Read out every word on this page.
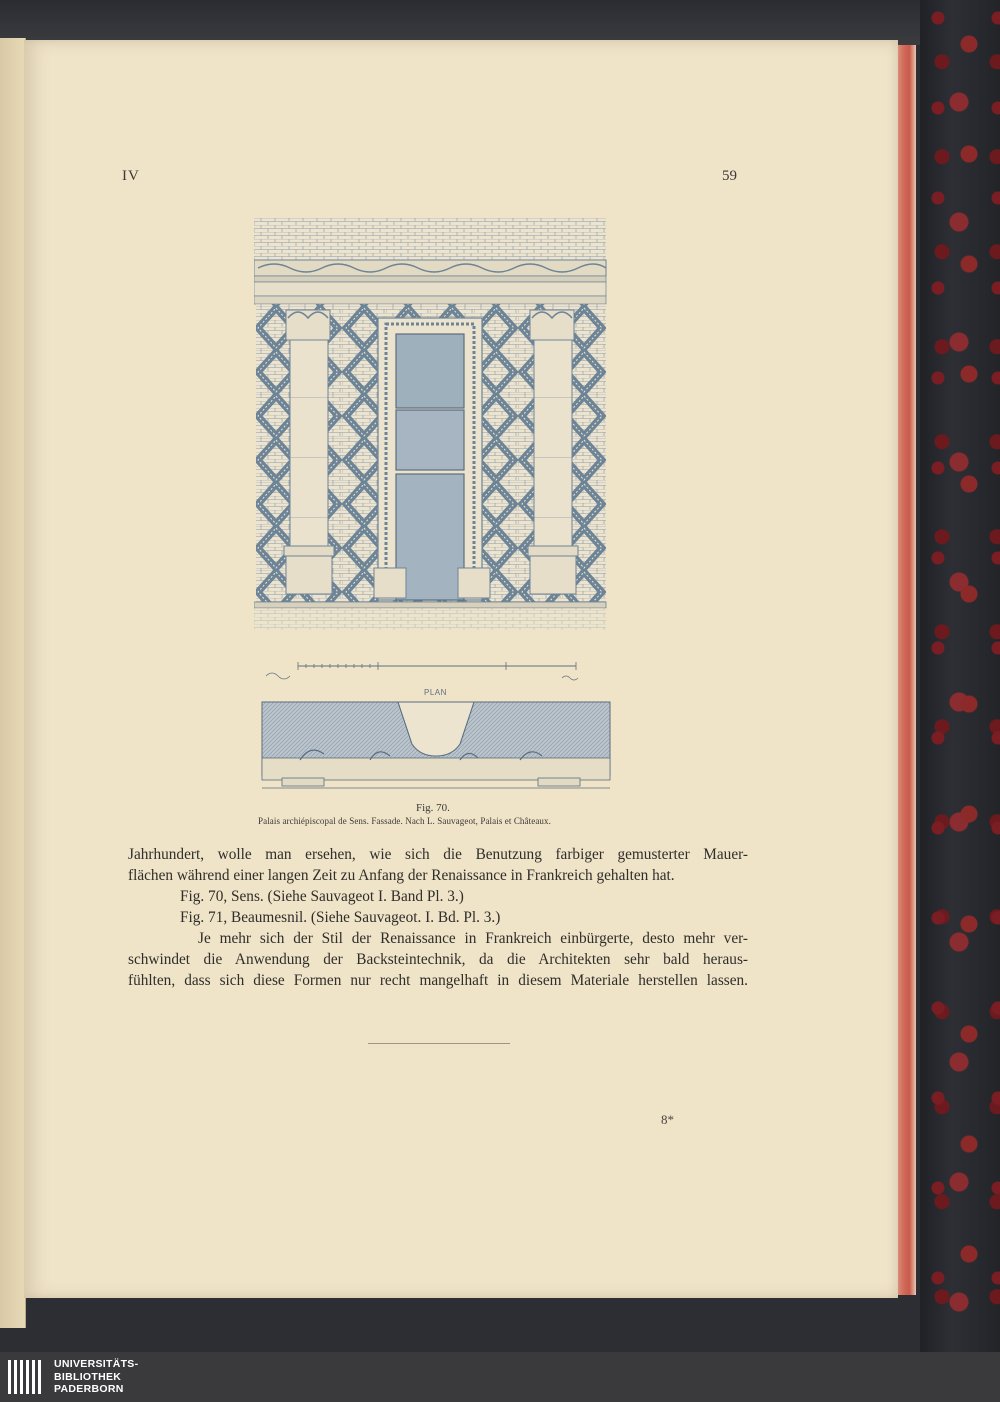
IV	59
PLAN
Fig. 70.
Palais archiépiscopal de Sens. Fassade. Nach L. Sauvageot, Palais et Châteaux.

Jahrhundert, wolle man ersehen, wie sich die Benutzung farbiger gemusterter Mauer-

flächen während einer langen Zeit zu Anfang der Renaissance in Frankreich gehalten hat.

Fig. 70, Sens. (Siehe Sauvageot I. Band Pl. 3.)

Fig. 71, Beaumesnil. (Siehe Sauvageot. I. Bd. Pl. 3.)

Je mehr sich der Stil der Renaissance in Frankreich einbürgerte, desto mehr ver-

schwindet die Anwendung der Backsteintechnik, da die Architekten sehr bald heraus-

fühlten, dass sich diese Formen nur recht mangelhaft in diesem Materiale herstellen lassen.

8*
UNIVERSITÄTS-
BIBLIOTHEK
PADERBORN
